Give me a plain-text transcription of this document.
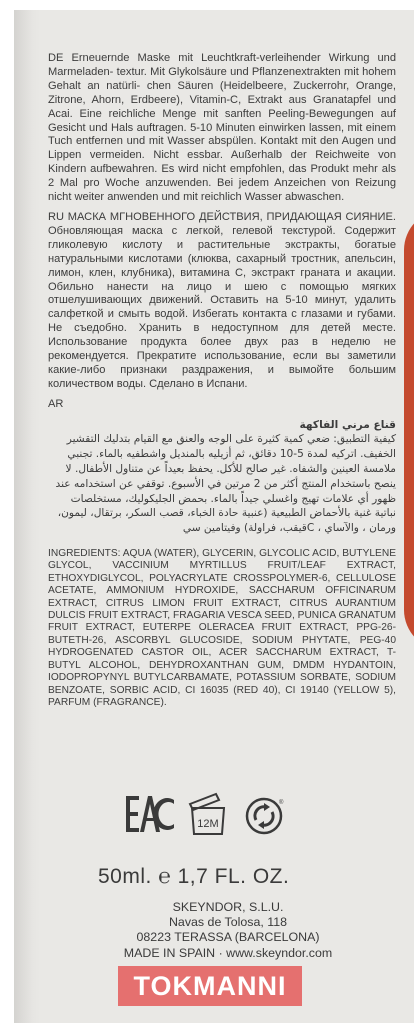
DE Erneuernde Maske mit Leuchtkraft-verleihender Wirkung und Marmeladen- textur. Mit Glykolsäure und Pflanzenextrakten mit hohem Gehalt an natürli- chen Säuren (Heidelbeere, Zuckerrohr, Orange, Zitrone, Ahorn, Erdbeere), Vitamin-C, Extrakt aus Granatapfel und Acai. Eine reichliche Menge mit sanften Peeling-Bewegungen auf Gesicht und Hals auftragen. 5-10 Minuten einwirken lassen, mit einem Tuch entfernen und mit Wasser abspülen. Kontakt mit den Augen und Lippen vermeiden. Nicht essbar. Außerhalb der Reichweite von Kindern aufbewahren. Es wird nicht empfohlen, das Produkt mehr als 2 Mal pro Woche anzuwenden. Bei jedem Anzeichen von Reizung nicht weiter anwenden und mit reichlich Wasser abwaschen.

RU МАСКА МГНОВЕННОГО ДЕЙСТВИЯ, ПРИДАЮЩАЯ СИЯНИЕ. Обновляющая маска с легкой, гелевой текстурой. Содержит гликолевую кислоту и растительные экстракты, богатые натуральными кислотами (клюква, сахарный тростник, апельсин, лимон, клен, клубника), витамина С, экстракт граната и акации. Обильно нанести на лицо и шею с помощью мягких отшелушивающих движений. Оставить на 5-10 минут, удалить салфеткой и смыть водой. Избегать контакта с глазами и губами. Не съедобно. Хранить в недоступном для детей месте. Использование продукта более двух раз в неделю не рекомендуется. Прекратите использование, если вы заметили какие-либо признаки раздражения, и вымойте большим количеством воды. Сделано в Испани.

AR

قناع مرني الفاكهة

كيفية التطبيق: ضعي كمية كثيرة على الوجه والعنق مع القيام بتدليك التقشير الخفيف. اتركيه لمدة 5-10 دقائق، ثم أزيليه بالمنديل واشطفيه بالماء. تجنبي ملامسة العينين والشفاه. غير صالح للأكل. يحفظ بعيداً عن متناول الأطفال. لا ينصح باستخدام المنتج أكثر من 2 مرتين في الأسبوع. توقفي عن استخدامه عند ظهور أي علامات تهيج واغسلي جيداً بالماء. بحمض الجليكوليك، مستخلصات نباتية غنية بالأحماض الطبيعية (عنبية حادة الخباء، قصب السكر، برتقال، ليمون، ورمان ، والآساي ، C‏قيقب، فراولة) وفيتامين سي

INGREDIENTS: AQUA (WATER), GLYCERIN, GLYCOLIC ACID, BUTYLENE GLYCOL, VACCINIUM MYRTILLUS FRUIT/LEAF EXTRACT, ETHOXYDIGLYCOL, POLYACRYLATE CROSSPOLYMER-6, CELLULOSE ACETATE, AMMONIUM HYDROXIDE, SACCHARUM OFFICINARUM EXTRACT, CITRUS LIMON FRUIT EXTRACT, CITRUS AURANTIUM DULCIS FRUIT EXTRACT, FRAGARIA VESCA SEED, PUNICA GRANATUM FRUIT EXTRACT, EUTERPE OLERACEA FRUIT EXTRACT, PPG-26-BUTETH-26, ASCORBYL GLUCOSIDE, SODIUM PHYTATE, PEG-40 HYDROGENATED CASTOR OIL, ACER SACCHARUM EXTRACT, T-BUTYL ALCOHOL, DEHYDROXANTHAN GUM, DMDM HYDANTOIN, IODOPROPYNYL BUTYLCARBAMATE, POTASSIUM SORBATE, SODIUM BENZOATE, SORBIC ACID, CI 16035 (RED 40), CI 19140 (YELLOW 5), PARFUM (FRAGRANCE).

EAC
12M
®
50ml. ℮ 1,7 FL. OZ.
SKEYNDOR, S.L.U.
Navas de Tolosa, 118
08223 TERASSA (BARCELONA)
MADE IN SPAIN · www.skeyndor.com
TOKMANNI
